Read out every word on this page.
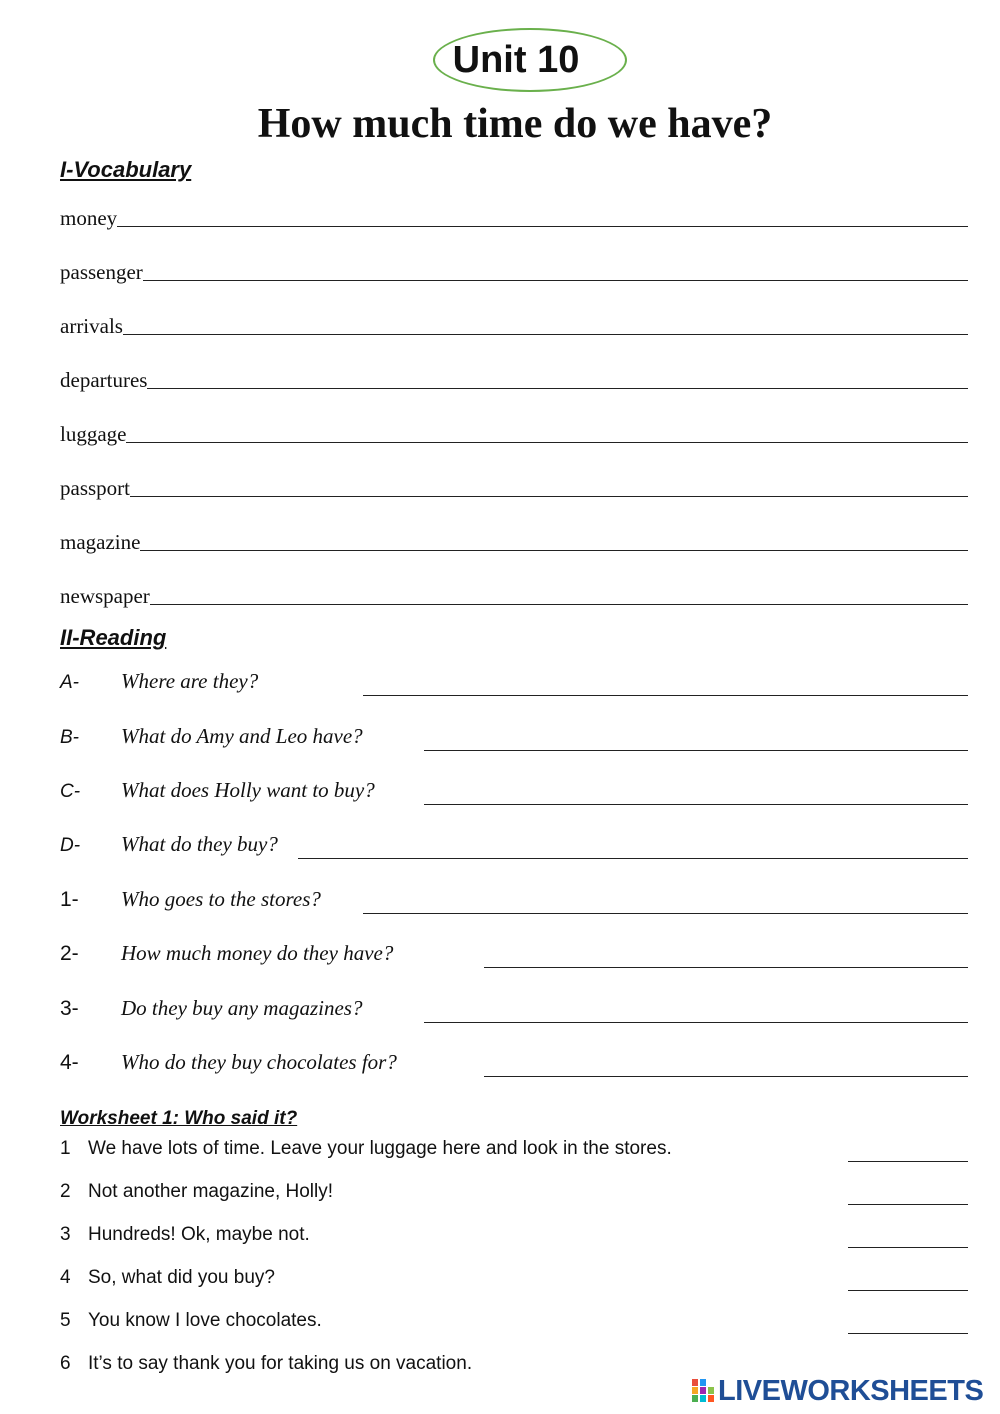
Unit 10
How much time do we have?
I-Vocabulary
money
passenger
arrivals
departures
luggage
passport
magazine
newspaper
II-Reading
A- Where are they?
B- What do Amy and Leo have?
C- What does Holly want to buy?
D- What do they buy?
1- Who goes to the stores?
2- How much money do they have?
3- Do they buy any magazines?
4- Who do they buy chocolates for?
Worksheet 1: Who said it?
1 We have lots of time. Leave your luggage here and look in the stores.
2 Not another magazine, Holly!
3 Hundreds! Ok, maybe not.
4 So, what did you buy?
5 You know I love chocolates.
6 It’s to say thank you for taking us on vacation.
LIVEWORKSHEETS
